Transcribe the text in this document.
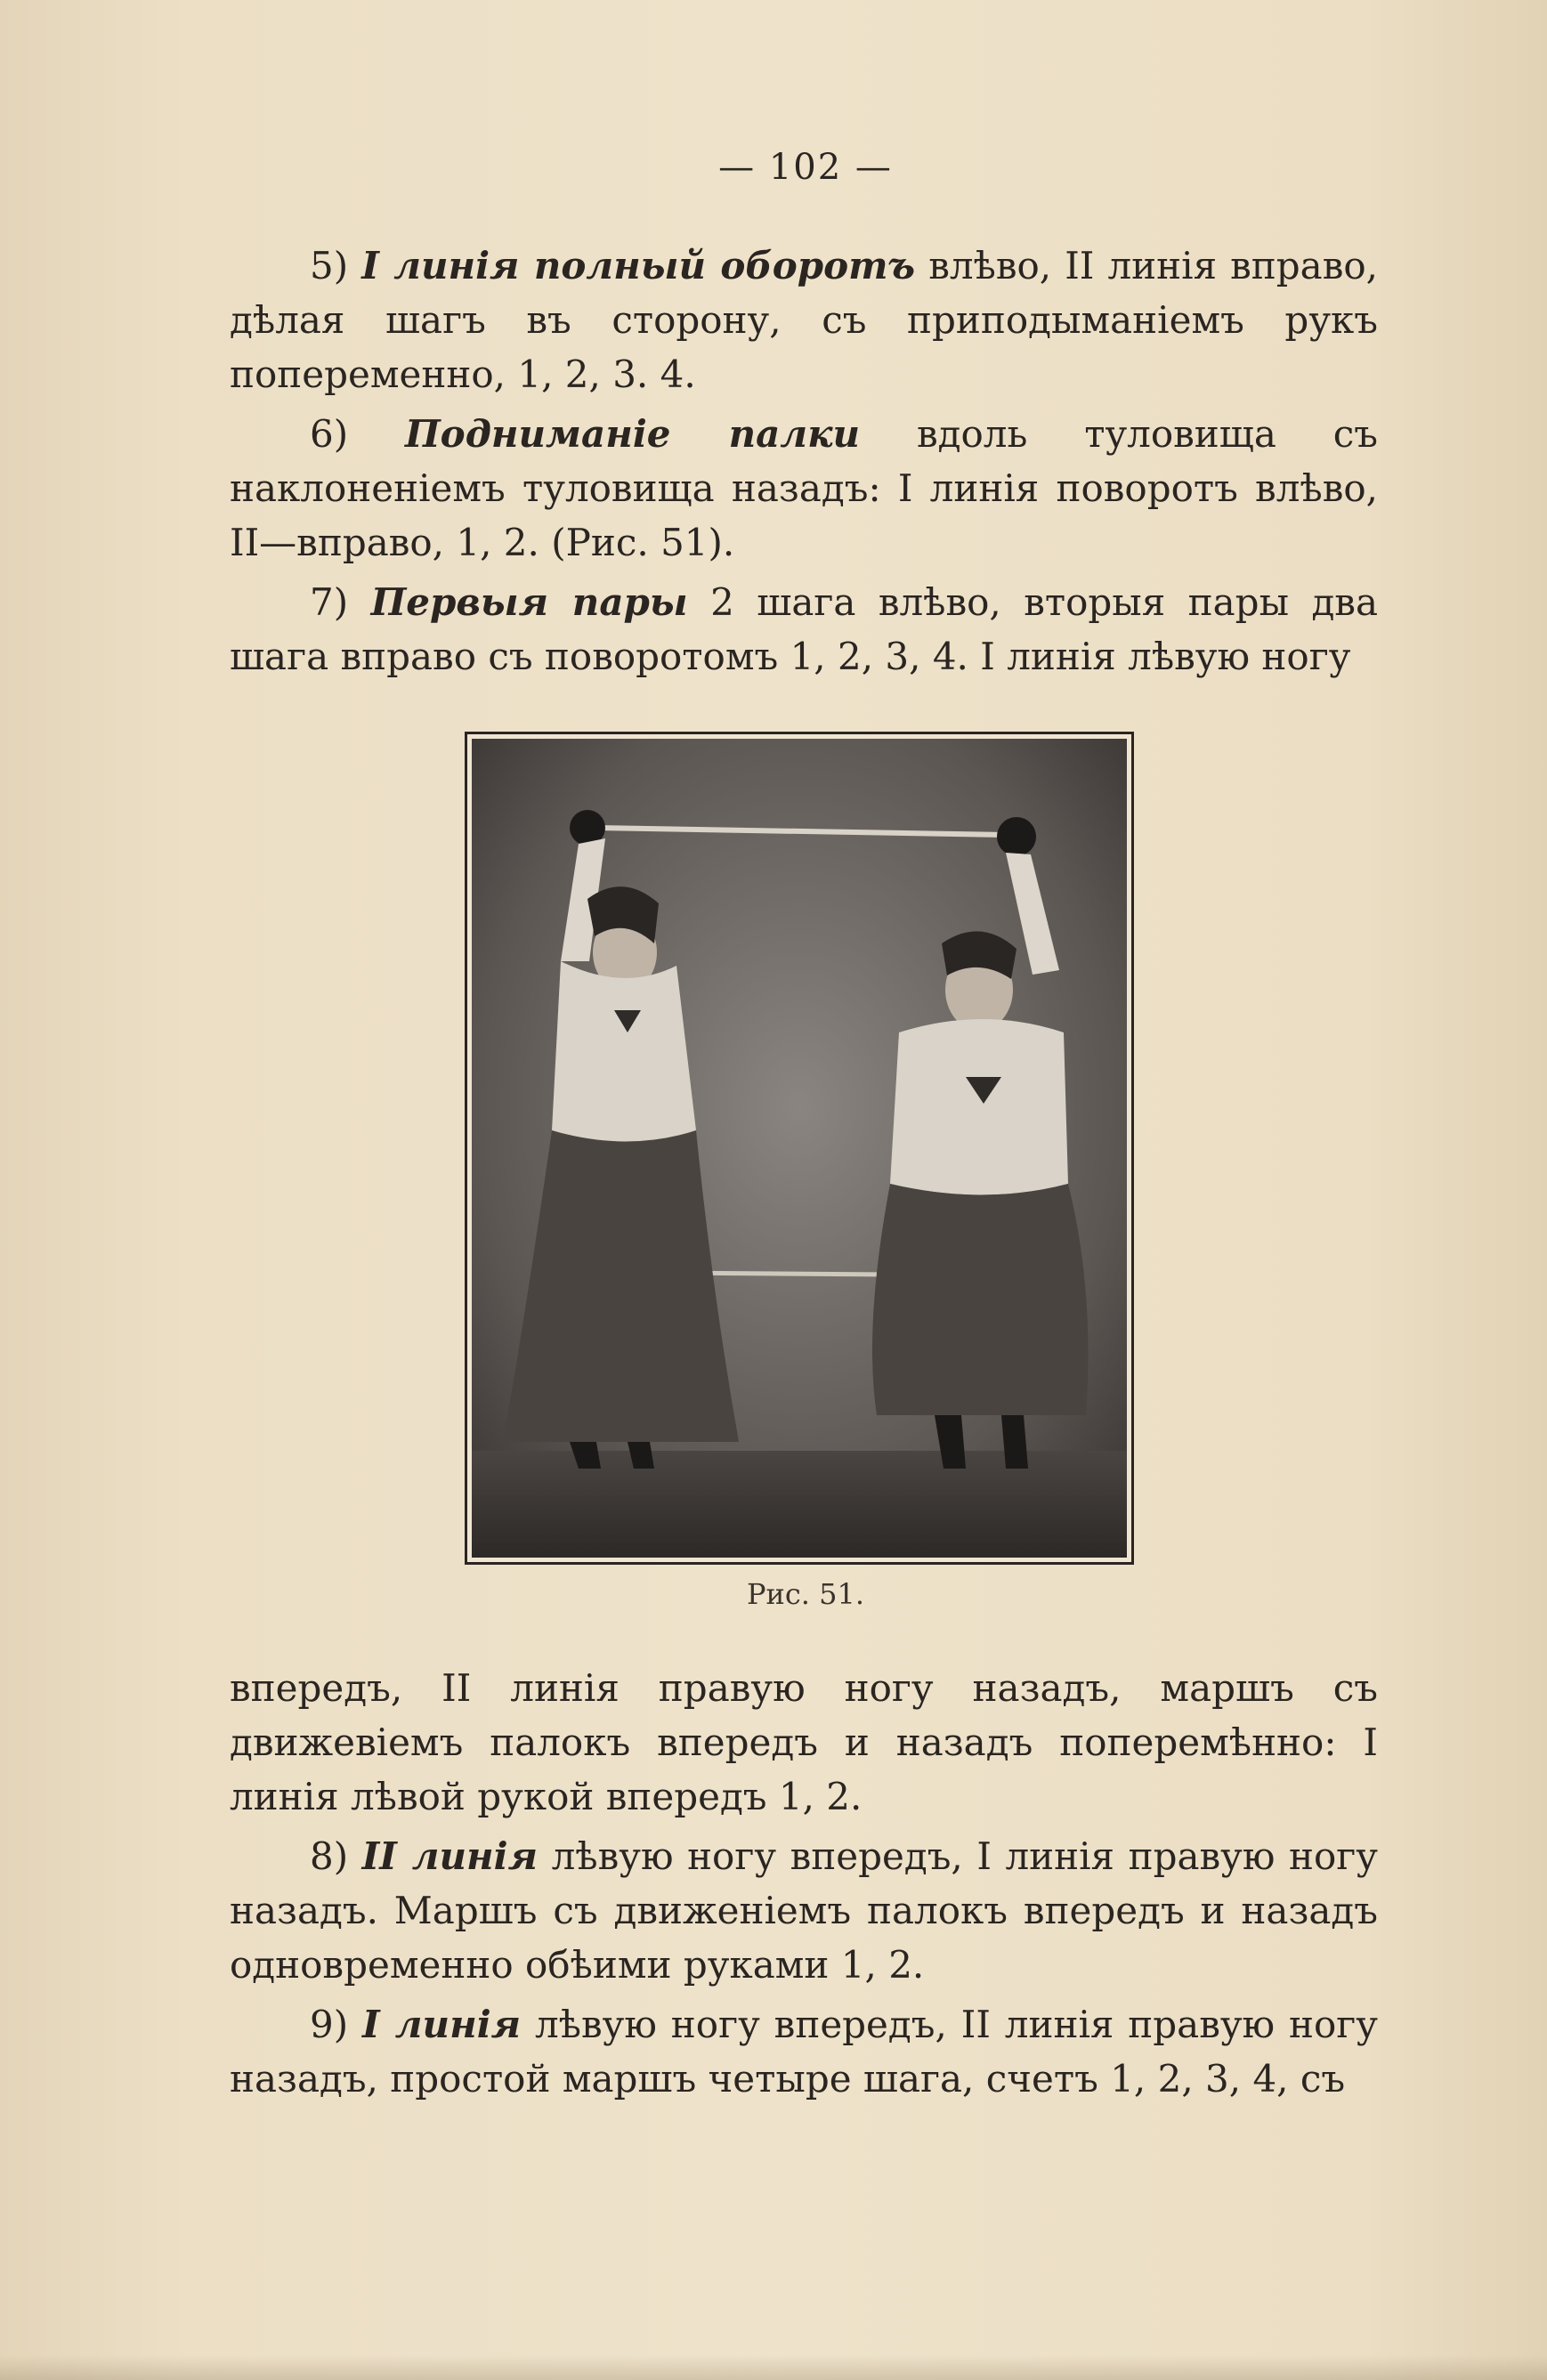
— 102 —

5) I линія полный оборотъ влѣво, II линія вправо, дѣлая шагъ въ сторону, съ приподыманіемъ рукъ попеременно, 1, 2, 3. 4.

6) Подниманіе палки вдоль туловища съ наклоненіемъ туловища назадъ: I линія поворотъ влѣво, II—вправо, 1, 2. (Рис. 51).

7) Первыя пары 2 шага влѣво, вторыя пары два шага вправо съ поворотомъ 1, 2, 3, 4. I линія лѣвую ногу

Рис. 51.

впередъ, II линія правую ногу назадъ, маршъ съ движевіемъ палокъ впередъ и назадъ поперемѣнно: I линія лѣвой рукой впередъ 1, 2.

8) II линія лѣвую ногу впередъ, I линія правую ногу назадъ. Маршъ съ движеніемъ палокъ впередъ и назадъ одновременно обѣими руками 1, 2.

9) I линія лѣвую ногу впередъ, II линія правую ногу назадъ, простой маршъ четыре шага, счетъ 1, 2, 3, 4, съ
